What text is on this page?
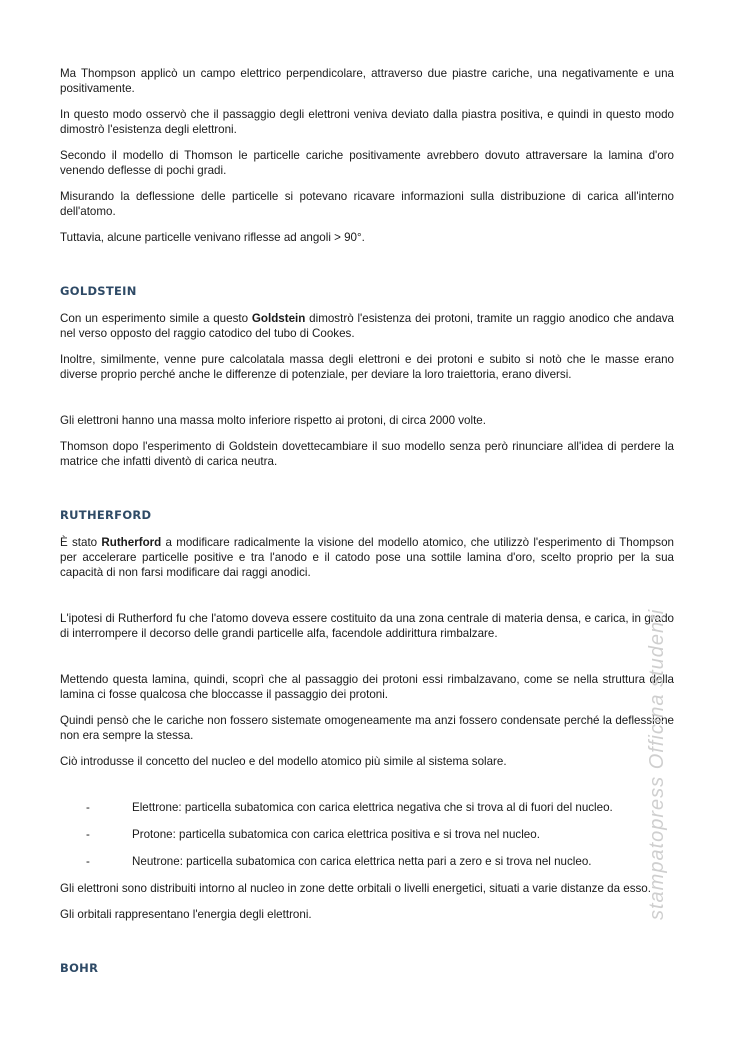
Ma Thompson applicò un campo elettrico perpendicolare, attraverso due piastre cariche, una negativamente e una positivamente.

In questo modo osservò che il passaggio degli elettroni veniva deviato dalla piastra positiva, e quindi in questo modo dimostrò l'esistenza degli elettroni.

Secondo il modello di Thomson le particelle cariche positivamente avrebbero dovuto attraversare la lamina d'oro venendo deflesse di pochi gradi.

Misurando la deflessione delle particelle si potevano ricavare informazioni sulla distribuzione di carica all'interno dell'atomo.

Tuttavia, alcune particelle venivano riflesse ad angoli > 90°.

GOLDSTEIN

Con un esperimento simile a questo Goldstein dimostrò l'esistenza dei protoni, tramite un raggio anodico che andava nel verso opposto del raggio catodico del tubo di Cookes.

Inoltre, similmente, venne pure calcolatala massa degli elettroni e dei protoni e subito si notò che le masse erano diverse proprio perché anche le differenze di potenziale, per deviare la loro traiettoria, erano diversi.

Gli elettroni hanno una massa molto inferiore rispetto ai protoni, di circa 2000 volte.

Thomson dopo l'esperimento di Goldstein dovettecambiare il suo modello senza però rinunciare all'idea di perdere la matrice che infatti diventò di carica neutra.

RUTHERFORD

È stato Rutherford a modificare radicalmente la visione del modello atomico, che utilizzò l'esperimento di Thompson per accelerare particelle positive e tra l'anodo e il catodo pose una sottile lamina d'oro, scelto proprio per la sua capacità di non farsi modificare dai raggi anodici.

L'ipotesi di Rutherford fu che l'atomo doveva essere costituito da una zona centrale di materia densa, e carica, in grado di interrompere il decorso delle grandi particelle alfa, facendole addirittura rimbalzare.

Mettendo questa lamina, quindi, scoprì che al passaggio dei protoni essi rimbalzavano, come se nella struttura della lamina ci fosse qualcosa che bloccasse il passaggio dei protoni.

Quindi pensò che le cariche non fossero sistemate omogeneamente ma anzi fossero condensate perché la deflessione non era sempre la stessa.

Ciò introdusse il concetto del nucleo e del modello atomico più simile al sistema solare.

-	Elettrone: particella subatomica con carica elettrica negativa che si trova al di fuori del nucleo.
-	Protone: particella subatomica con carica elettrica positiva e si trova nel nucleo.
-	Neutrone: particella subatomica con carica elettrica netta pari a zero e si trova nel nucleo.

Gli elettroni sono distribuiti intorno al nucleo in zone dette orbitali o livelli energetici, situati a varie distanze da esso.

Gli orbitali rappresentano l'energia degli elettroni.

BOHR
stampatopress Officina studenti
